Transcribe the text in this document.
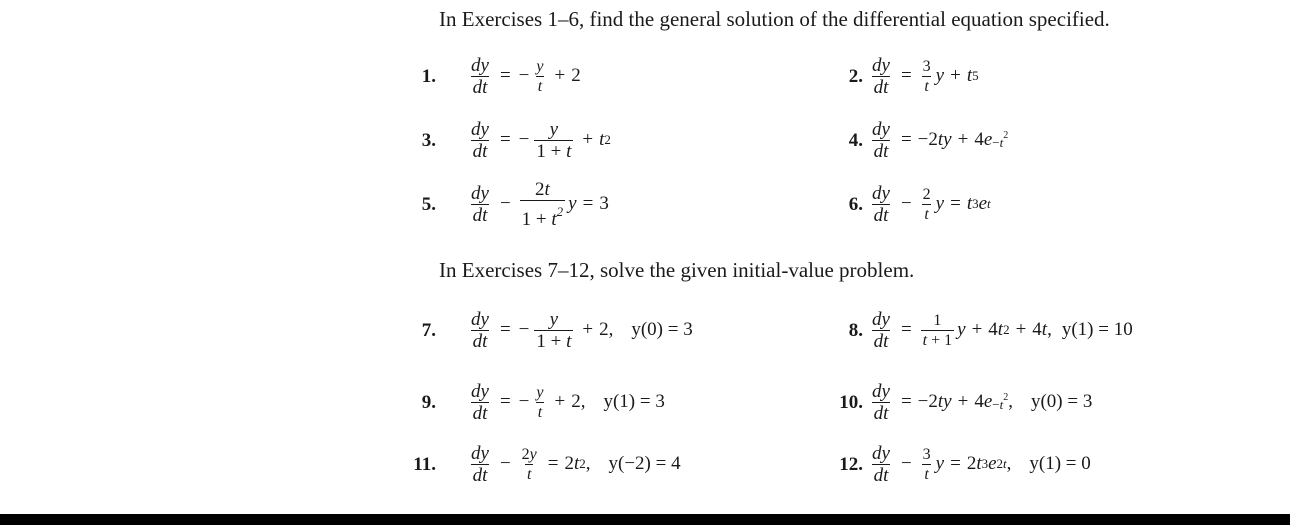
In Exercises 1–6, find the general solution of the differential equation specified.
1. $\frac{dy}{dt}$ = − $\frac{y}{t} + 2$	2. $\frac{dy}{dt} = \frac{3}{t}$ y + t 5
3. $\frac{dy}{dt}$ = − $\frac{y}{1 + t} + t$ 2	4. $\frac{dy}{dt} = -2$ ty + 4 $e -t^2$
5. $\frac{dy}{dt} - \frac{2t}{1 + t^2}$ y = 3	6. $\frac{dy}{dt} - \frac{2}{t}$ y = t 3 e t
In Exercises 7–12, solve the given initial-value problem.
7. $\frac{dy}{dt}$ = − $\frac{y}{1 + t} + 2$, y(0) = 3	8. $\frac{dy}{dt} = \frac{1}{t + 1}$ y + 4 t 2 + 4 t , y(1) = 10
9. $\frac{dy}{dt}$ = − $\frac{y}{t} + 2$, y(1) = 3	10. $\frac{dy}{dt} = -2$ ty + 4 $e -t^2$ , y(0) = 3
11. $\frac{dy}{dt} - \frac{2y}{t} = 2$ t 2 , y(−2) = 4	12. $\frac{dy}{dt} - \frac{3}{t}$ y = 2 t 3 e 2t , y(1) = 0
